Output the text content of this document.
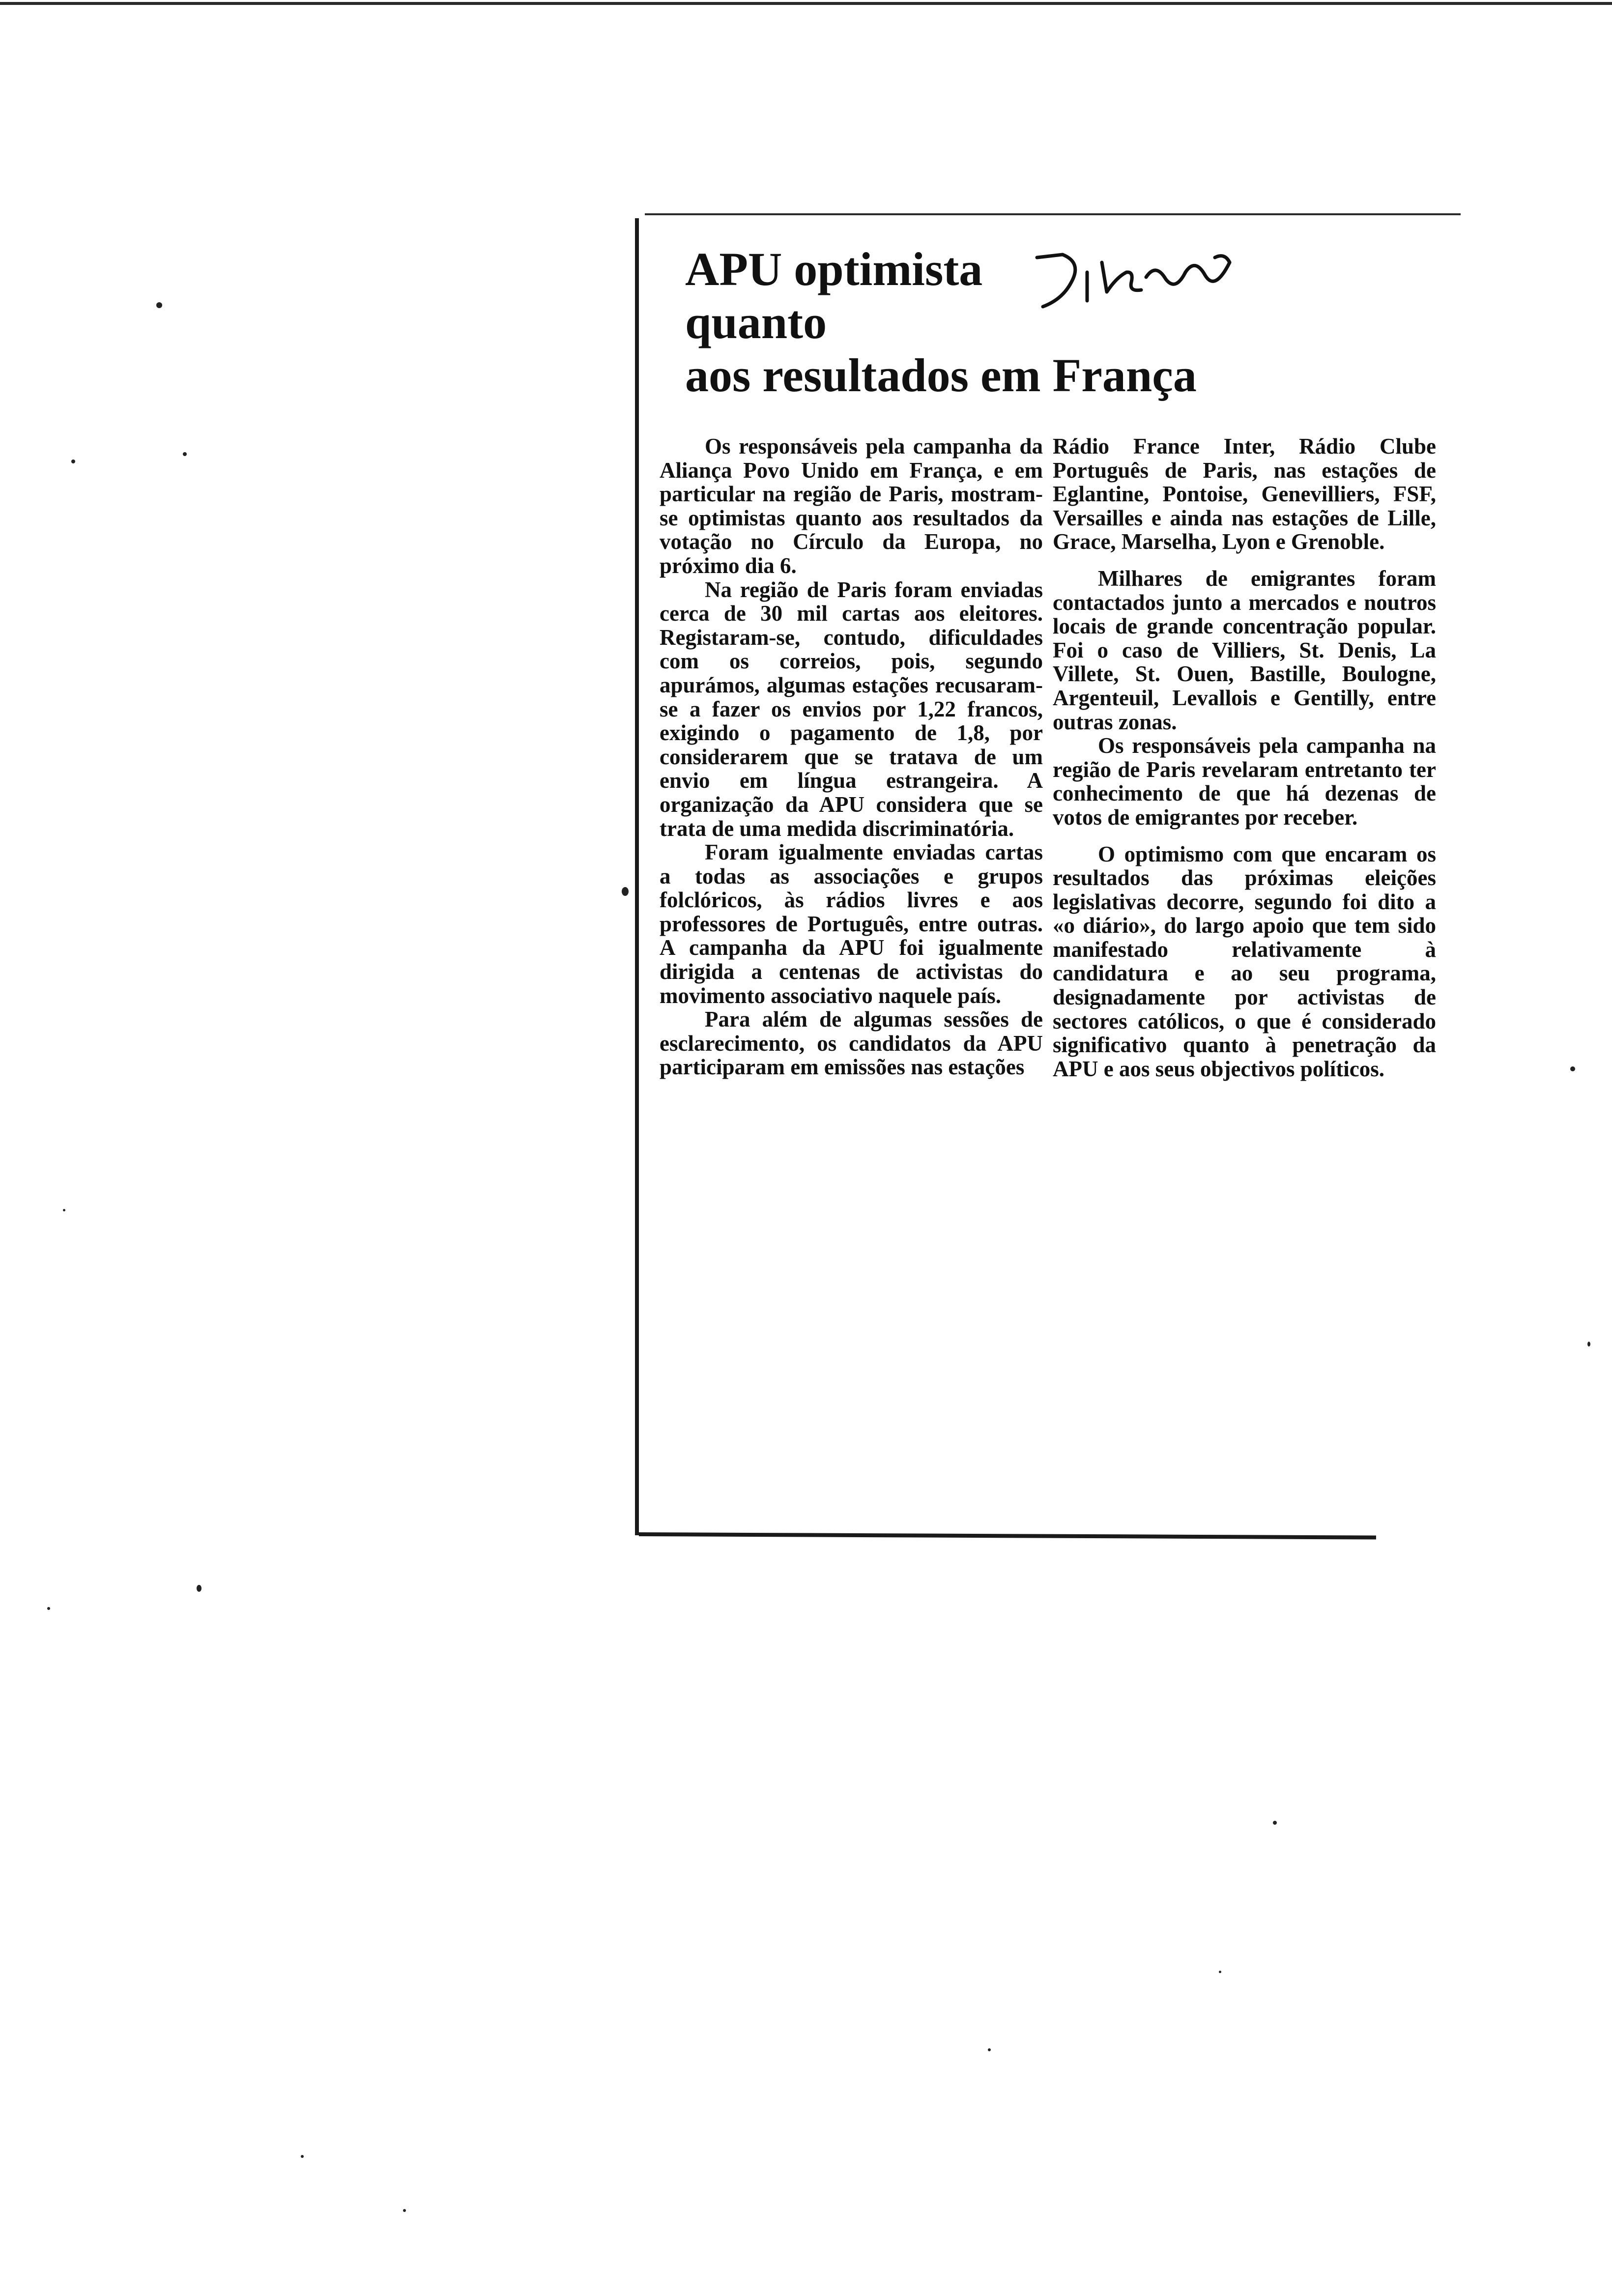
APU optimista
quanto
aos resultados em França

Os responsáveis pela campanha da Aliança Povo Unido em França, e em particular na região de Paris, mostram-se optimistas quanto aos resultados da votação no Círculo da Europa, no próximo dia 6.

Na região de Paris foram enviadas cerca de 30 mil cartas aos eleitores. Registaram-se, contudo, dificuldades com os correios, pois, segundo apurámos, algumas estações recusaram-se a fazer os envios por 1,22 francos, exigindo o pagamento de 1,8, por considerarem que se tratava de um envio em língua estrangeira. A organização da APU considera que se trata de uma medida discriminatória.

Foram igualmente enviadas cartas a todas as associações e grupos folclóricos, às rádios livres e aos professores de Português, entre outras. A campanha da APU foi igualmente dirigida a centenas de activistas do movimento associativo naquele país.

Para além de algumas sessões de esclarecimento, os candidatos da APU participaram em emissões nas estações

Rádio France Inter, Rádio Clube Português de Paris, nas estações de Eglantine, Pontoise, Genevilliers, FSF, Versailles e ainda nas estações de Lille, Grace, Marselha, Lyon e Grenoble.

Milhares de emigrantes foram contactados junto a mercados e noutros locais de grande concentração popular. Foi o caso de Villiers, St. Denis, La Villete, St. Ouen, Bastille, Boulogne, Argenteuil, Levallois e Gentilly, entre outras zonas.

Os responsáveis pela campanha na região de Paris revelaram entretanto ter conhecimento de que há dezenas de votos de emigrantes por receber.

O optimismo com que encaram os resultados das próximas eleições legislativas decorre, segundo foi dito a «o diário», do largo apoio que tem sido manifestado relativamente à candidatura e ao seu programa, designadamente por activistas de sectores católicos, o que é considerado significativo quanto à penetração da APU e aos seus objectivos políticos.
